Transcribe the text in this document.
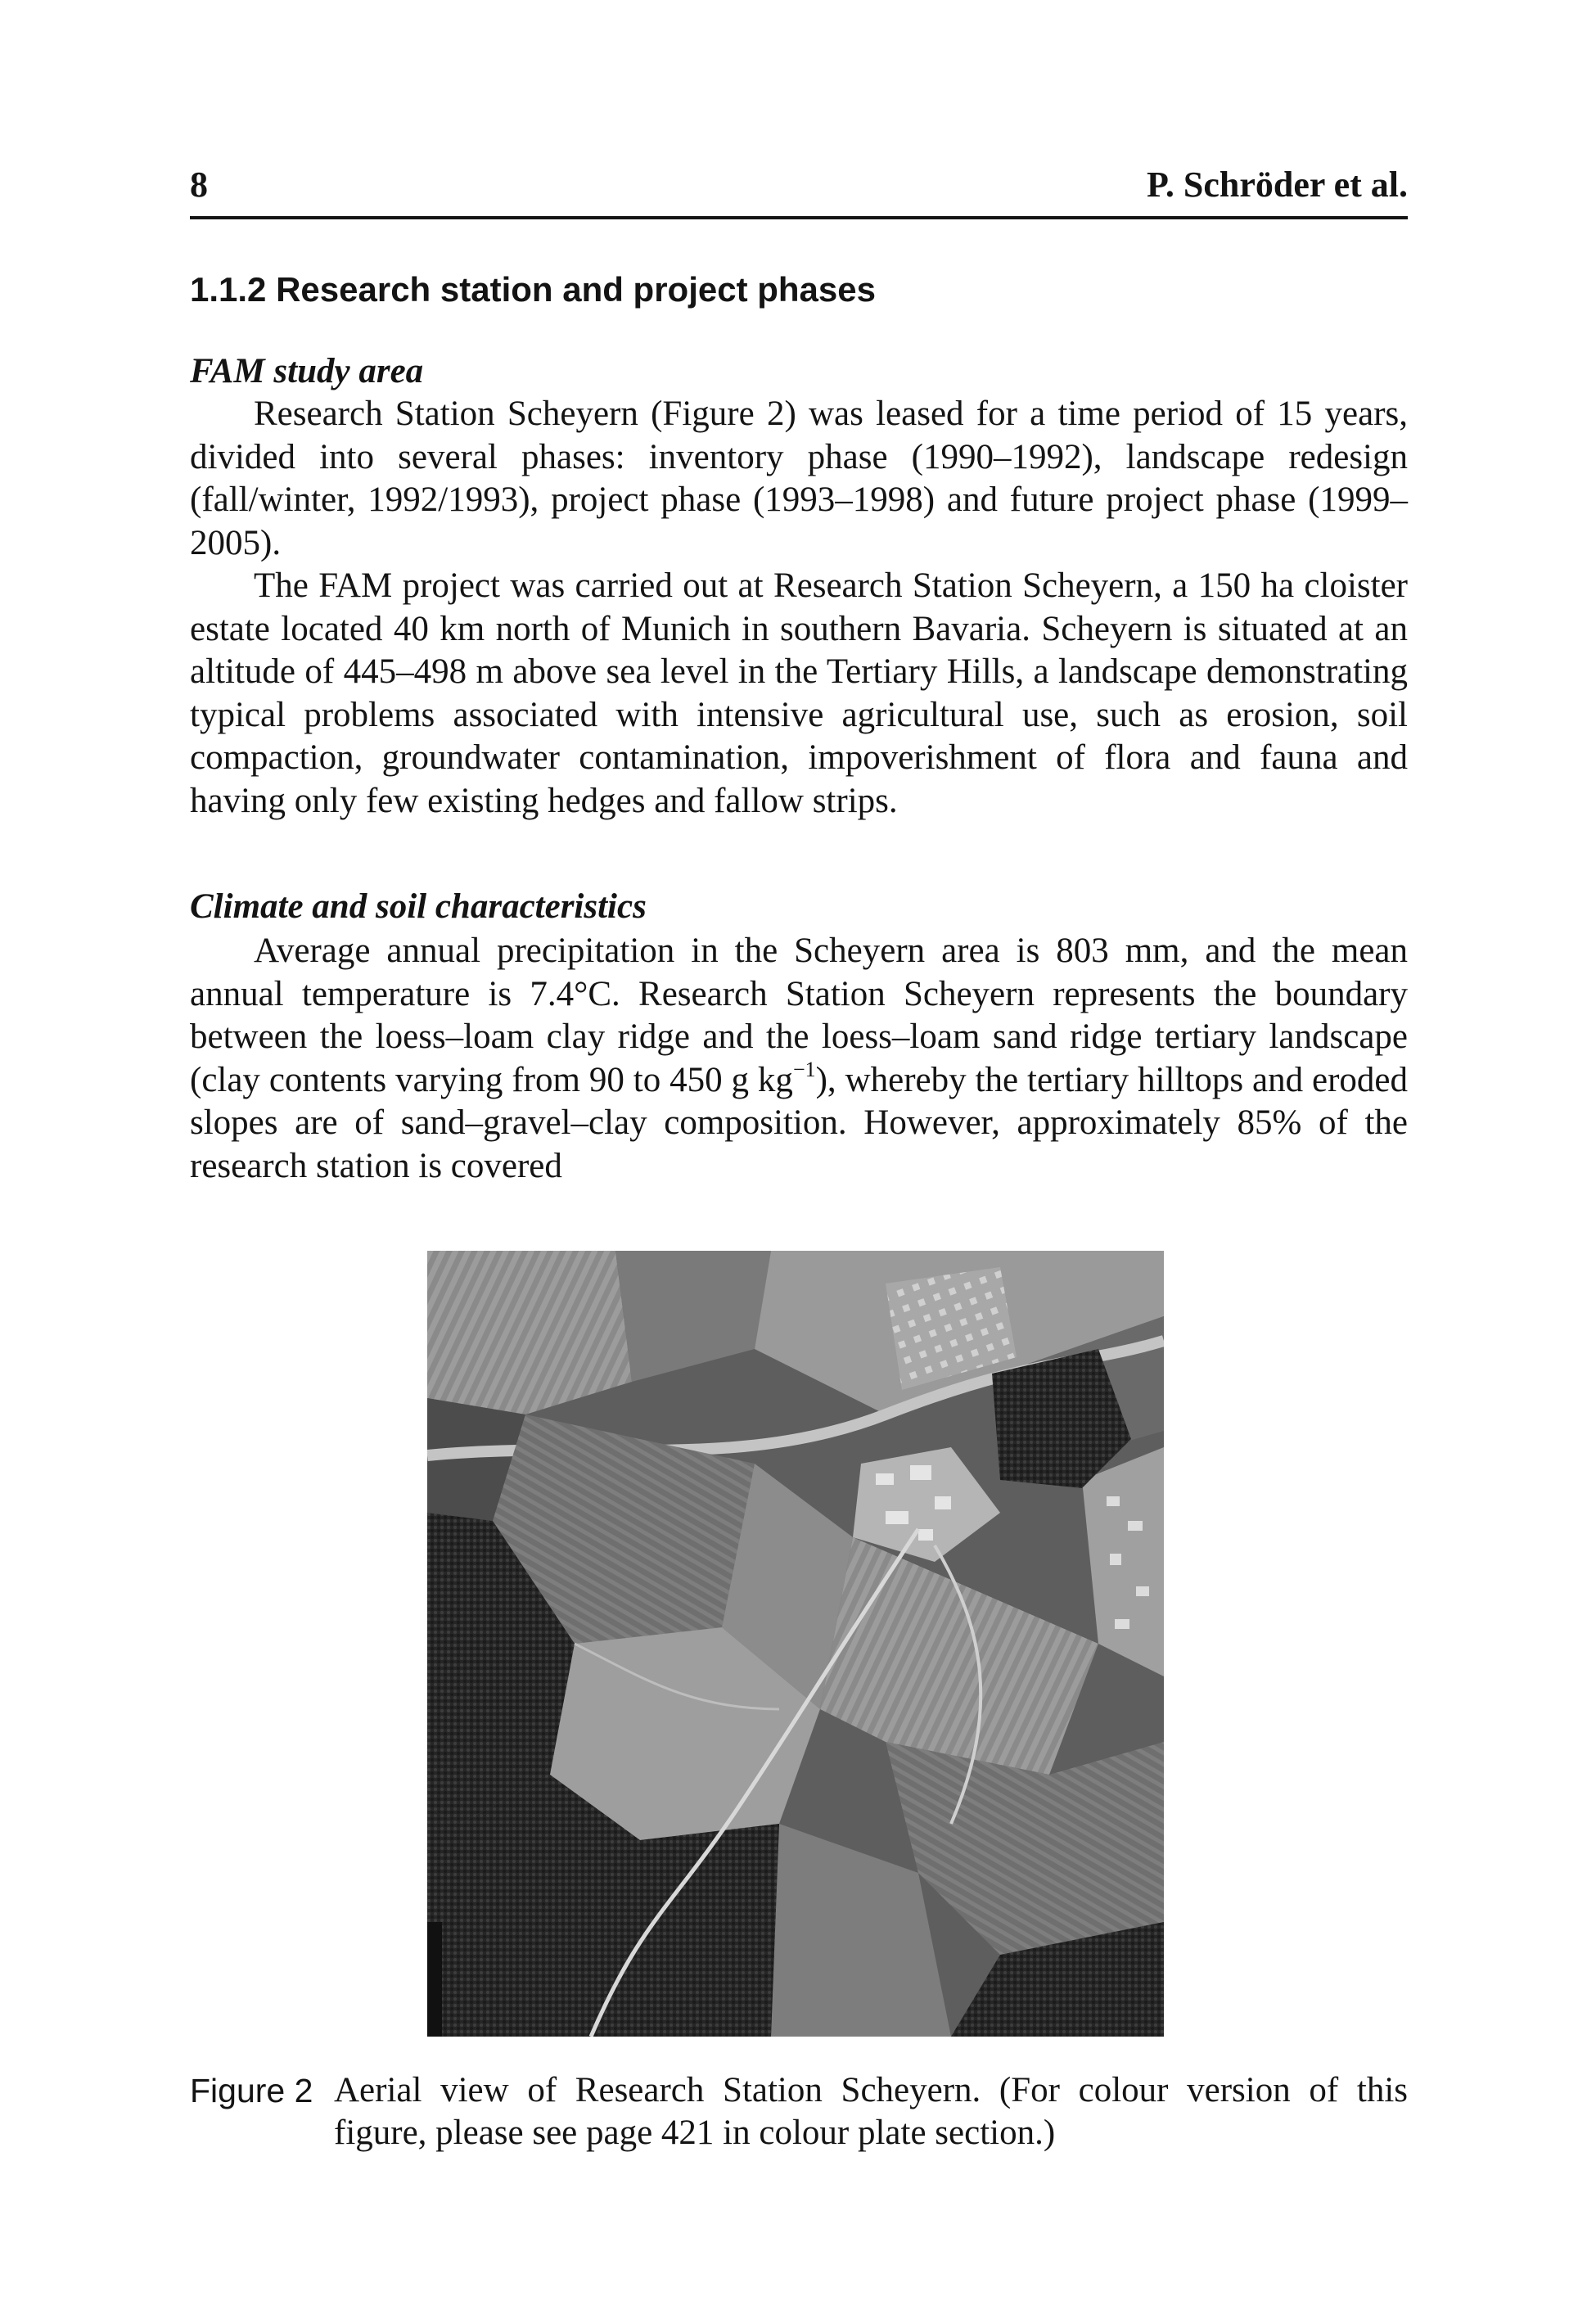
8	P. Schröder et al.
1.1.2 Research station and project phases
FAM study area

Research Station Scheyern (Figure 2) was leased for a time period of 15 years, divided into several phases: inventory phase (1990–1992), landscape redesign (fall/winter, 1992/1993), project phase (1993–1998) and future project phase (1999–2005).

The FAM project was carried out at Research Station Scheyern, a 150 ha cloister estate located 40 km north of Munich in southern Bavaria. Scheyern is situated at an altitude of 445–498 m above sea level in the Tertiary Hills, a landscape demonstrating typical problems associated with intensive agricultural use, such as erosion, soil compaction, groundwater contamination, impoverishment of flora and fauna and having only few existing hedges and fallow strips.

Climate and soil characteristics

Average annual precipitation in the Scheyern area is 803 mm, and the mean annual temperature is 7.4°C. Research Station Scheyern represents the boundary between the loess–loam clay ridge and the loess–loam sand ridge tertiary landscape (clay contents varying from 90 to 450 g $kg^{-1}$), whereby the tertiary hilltops and eroded slopes are of sand–gravel–clay composition. However, approximately 85% of the research station is covered

Figure 2 Aerial view of Research Station Scheyern. (For colour version of this figure, please see page 421 in colour plate section.)
